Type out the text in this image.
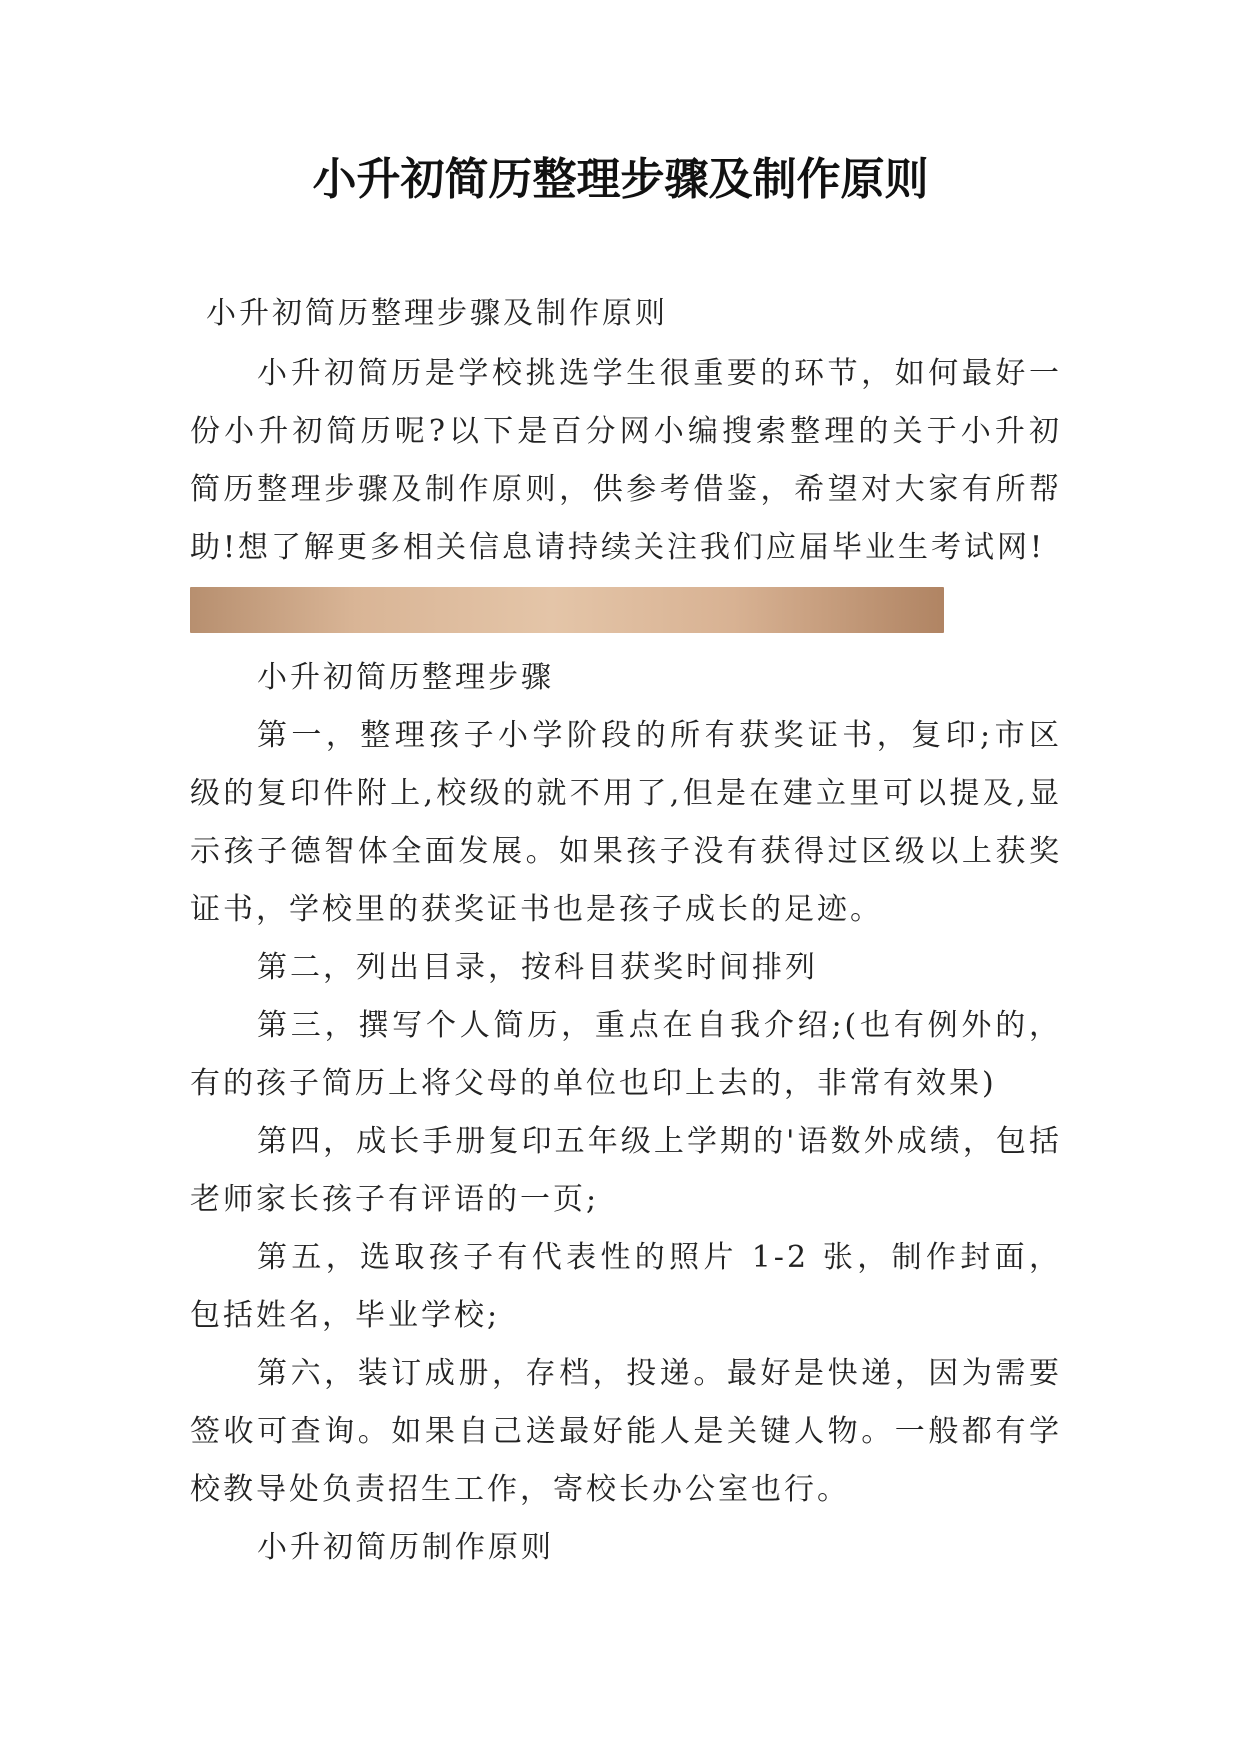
小升初简历整理步骤及制作原则

小升初简历整理步骤及制作原则

小升初简历是学校挑选学生很重要的环节，如何最好一份小升初简历呢?以下是百分网小编搜索整理的关于小升初简历整理步骤及制作原则，供参考借鉴，希望对大家有所帮助!想了解更多相关信息请持续关注我们应届毕业生考试网!

小升初简历整理步骤

第一，整理孩子小学阶段的所有获奖证书，复印;市区级的复印件附上,校级的就不用了,但是在建立里可以提及,显示孩子德智体全面发展。如果孩子没有获得过区级以上获奖证书，学校里的获奖证书也是孩子成长的足迹。

第二，列出目录，按科目获奖时间排列

第三，撰写个人简历，重点在自我介绍;(也有例外的，有的孩子简历上将父母的单位也印上去的，非常有效果)

第四，成长手册复印五年级上学期的'语数外成绩，包括老师家长孩子有评语的一页;

第五，选取孩子有代表性的照片 1-2 张，制作封面，包括姓名，毕业学校;

第六，装订成册，存档，投递。最好是快递，因为需要签收可查询。如果自己送最好能人是关键人物。一般都有学校教导处负责招生工作，寄校长办公室也行。

小升初简历制作原则
